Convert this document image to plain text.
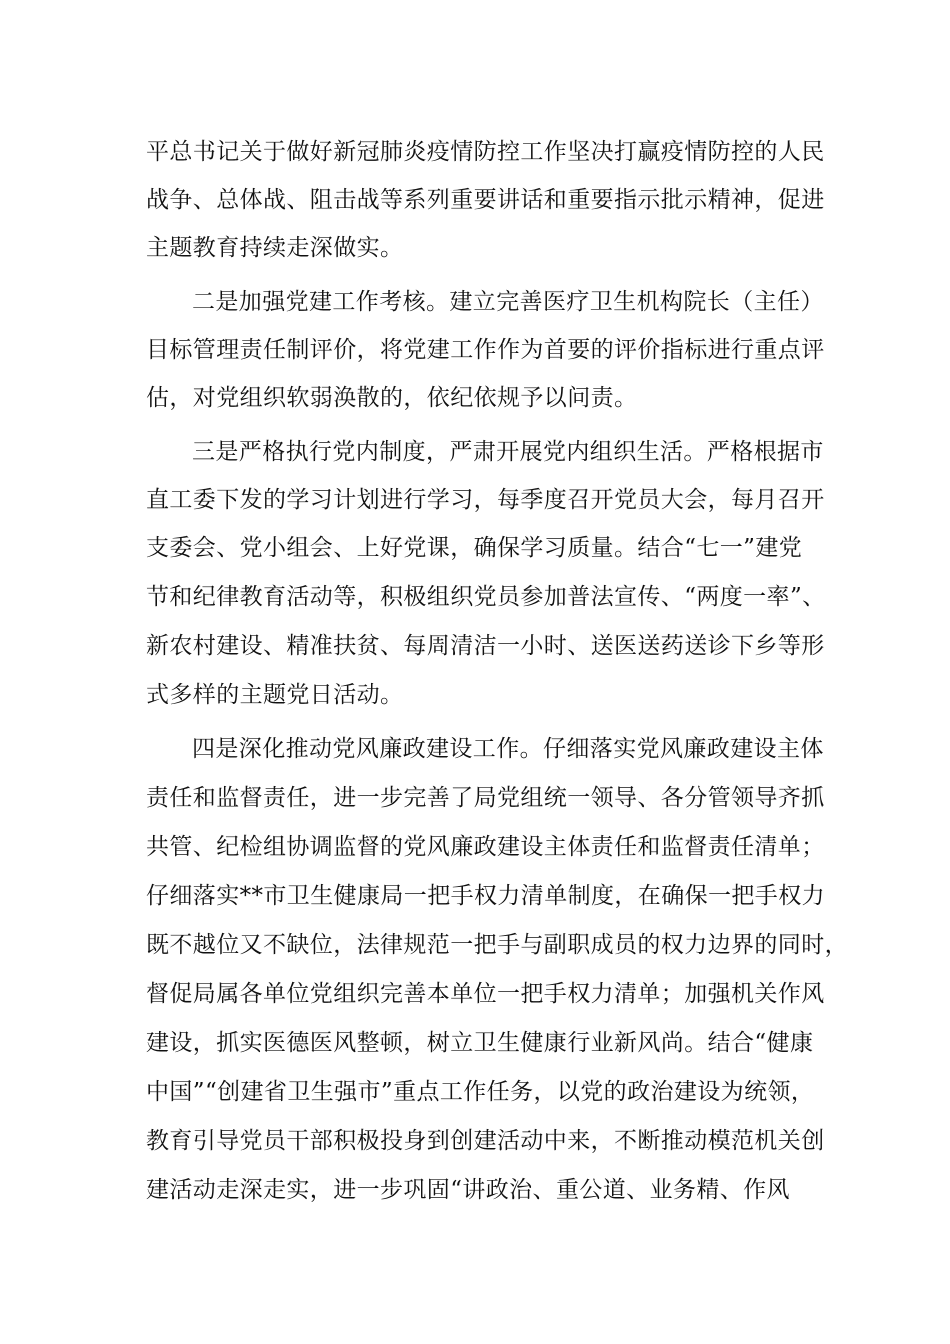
平总书记关于做好新冠肺炎疫情防控工作坚决打赢疫情防控的人民
战争、总体战、阻击战等系列重要讲话和重要指示批示精神，促进
主题教育持续走深做实。
二是加强党建工作考核。建立完善医疗卫生机构院长（主任）
目标管理责任制评价，将党建工作作为首要的评价指标进行重点评
估，对党组织软弱涣散的，依纪依规予以问责。
三是严格执行党内制度，严肃开展党内组织生活。严格根据市
直工委下发的学习计划进行学习，每季度召开党员大会，每月召开
支委会、党小组会、上好党课，确保学习质量。结合“七一”建党
节和纪律教育活动等，积极组织党员参加普法宣传、“两度一率”、
新农村建设、精准扶贫、每周清洁一小时、送医送药送诊下乡等形
式多样的主题党日活动。
四是深化推动党风廉政建设工作。仔细落实党风廉政建设主体
责任和监督责任，进一步完善了局党组统一领导、各分管领导齐抓
共管、纪检组协调监督的党风廉政建设主体责任和监督责任清单；
仔细落实**市卫生健康局一把手权力清单制度，在确保一把手权力
既不越位又不缺位，法律规范一把手与副职成员的权力边界的同时，
督促局属各单位党组织完善本单位一把手权力清单；加强机关作风
建设，抓实医德医风整顿，树立卫生健康行业新风尚。结合“健康
中国”“创建省卫生强市”重点工作任务，以党的政治建设为统领，
教育引导党员干部积极投身到创建活动中来，不断推动模范机关创
建活动走深走实，进一步巩固“讲政治、重公道、业务精、作风
